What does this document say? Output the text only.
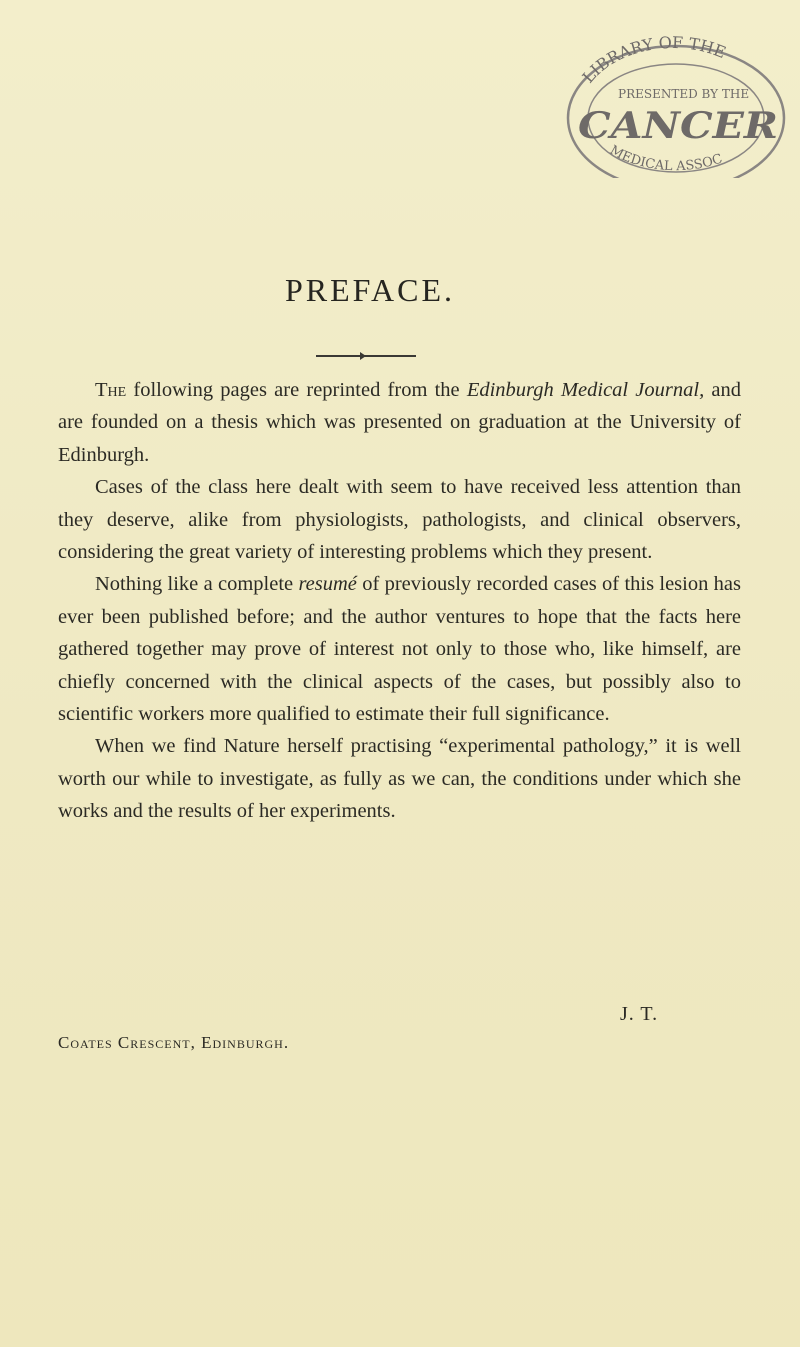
LIBRARY OF THE
CANCER
PRESENTED BY THE
MEDICAL ASSOC
PREFACE.

The following pages are reprinted from the Edinburgh Medical Journal, and are founded on a thesis which was presented on graduation at the University of Edinburgh.

Cases of the class here dealt with seem to have received less attention than they deserve, alike from physiologists, pathologists, and clinical observers, considering the great variety of interesting problems which they present.

Nothing like a complete resumé of previously recorded cases of this lesion has ever been published before; and the author ventures to hope that the facts here gathered together may prove of interest not only to those who, like himself, are chiefly concerned with the clinical aspects of the cases, but possibly also to scientific workers more qualified to estimate their full significance.

When we find Nature herself practising “experimental pathology,” it is well worth our while to investigate, as fully as we can, the conditions under which she works and the results of her experiments.

J. T.
Coates Crescent, Edinburgh.
